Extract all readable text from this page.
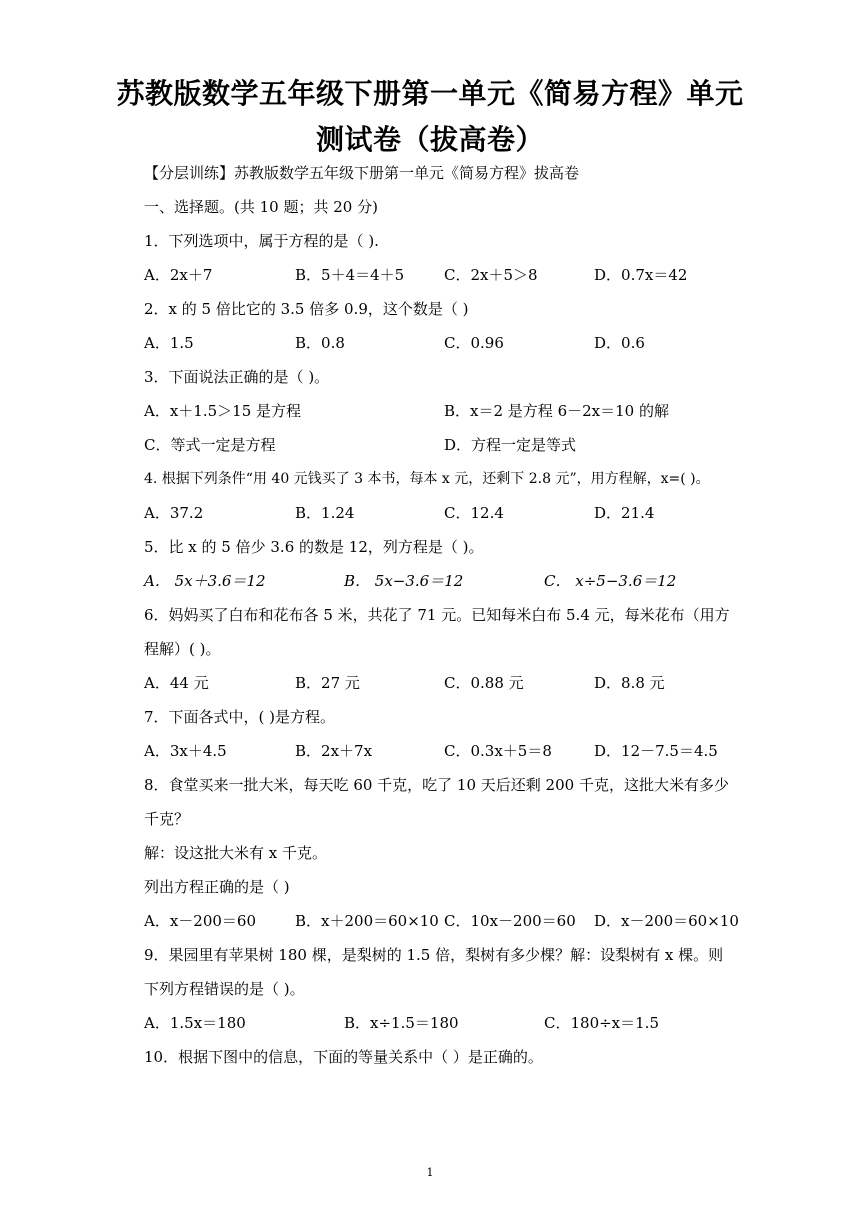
苏教版数学五年级下册第一单元《简易方程》单元
测试卷（拔高卷）
【分层训练】苏教版数学五年级下册第一单元《简易方程》拔高卷
一、选择题。(共 10 题；共 20 分)
1．下列选项中，属于方程的是（ ).
A．2x＋7	B．5＋4＝4＋5	C．2x＋5＞8	D．0.7x＝42
2．x 的 5 倍比它的 3.5 倍多 0.9，这个数是（ )
A．1.5	B．0.8	C．0.96	D．0.6
3．下面说法正确的是（ )。
A．x＋1.5＞15 是方程	B．x＝2 是方程 6－2x＝10 的解
C．等式一定是方程	D．方程一定是等式
4. 根据下列条件“用 40 元钱买了 3 本书，每本 x 元，还剩下 2.8 元”，用方程解，x=( )。
A．37.2	B．1.24	C．12.4	D．21.4
5．比 x 的 5 倍少 3.6 的数是 12，列方程是（ )。
A． 5x＋3.6＝12	B． 5x−3.6＝12	C． x÷5−3.6＝12
6．妈妈买了白布和花布各 5 米，共花了 71 元。已知每米白布 5.4 元，每米花布（用方
程解）( )。
A．44 元	B．27 元	C．0.88 元	D．8.8 元
7．下面各式中，( )是方程。
A．3x＋4.5	B．2x＋7x	C．0.3x＋5＝8	D．12－7.5＝4.5
8．食堂买来一批大米，每天吃 60 千克，吃了 10 天后还剩 200 千克，这批大米有多少
千克？
解：设这批大米有 x 千克。
列出方程正确的是（ )
A．x－200＝60	B．x＋200＝60×10 C．10x－200＝60 D．x－200＝60×10
9．果园里有苹果树 180 棵，是梨树的 1.5 倍，梨树有多少棵？解：设梨树有 x 棵。则
下列方程错误的是（ )。
A．1.5x＝180	B．x÷1.5＝180	C．180÷x＝1.5
10．根据下图中的信息，下面的等量关系中（ ）是正确的。
1
